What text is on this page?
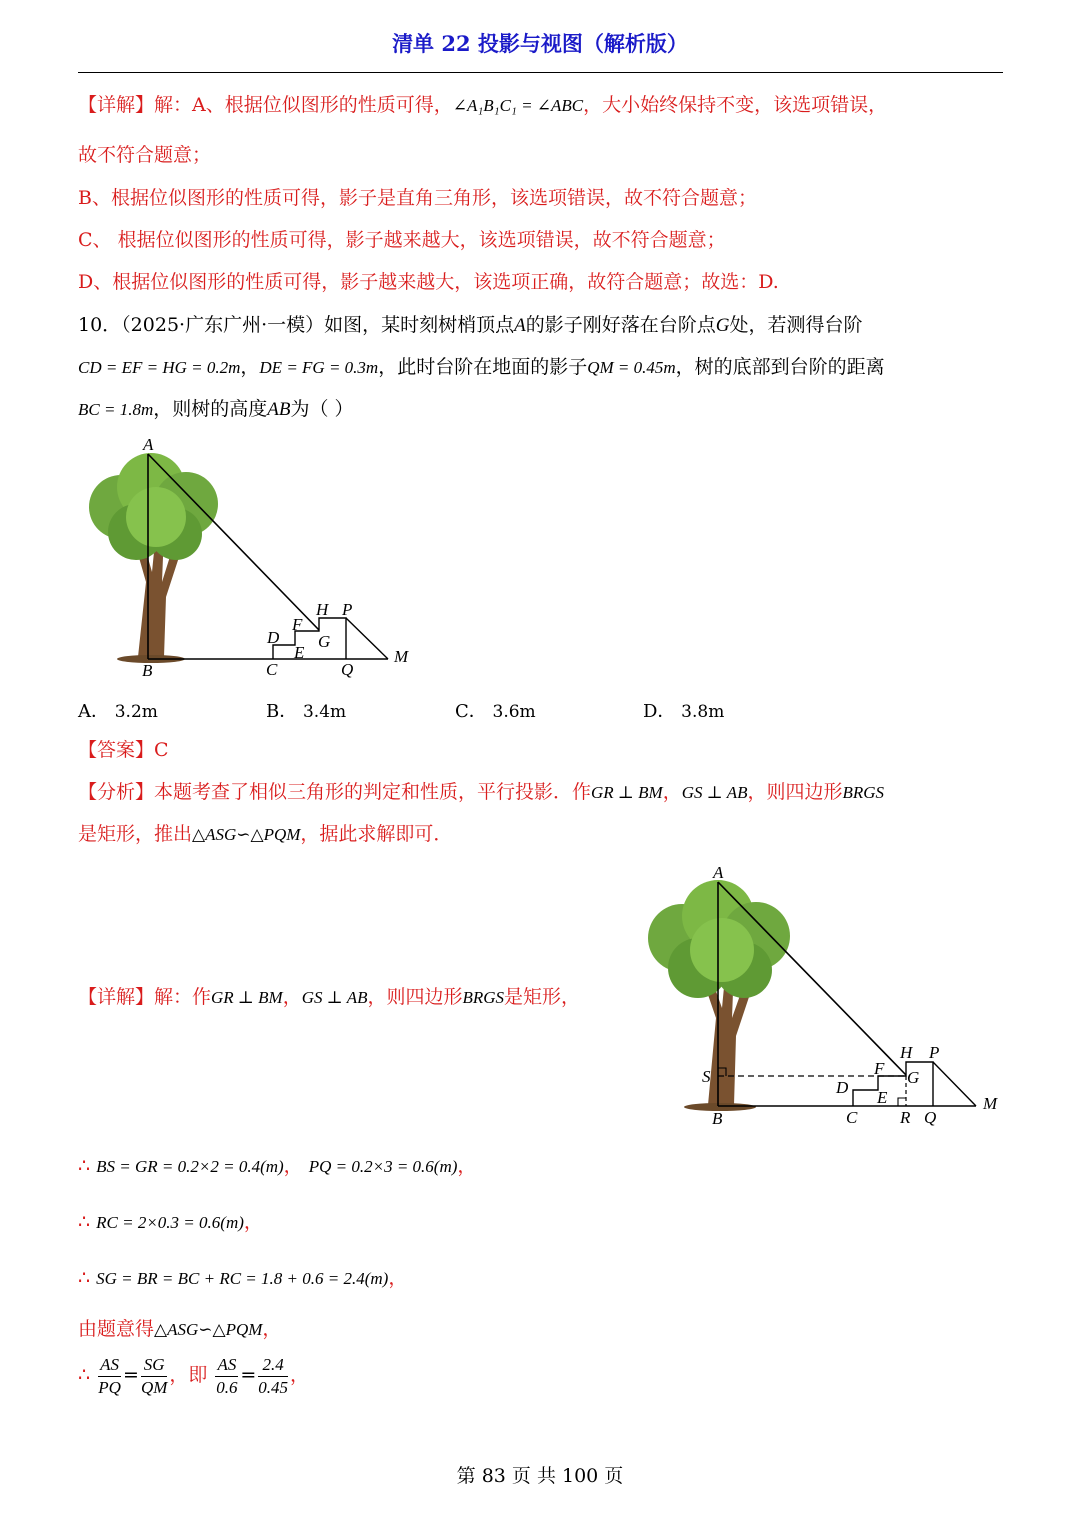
清单 22 投影与视图（解析版）
【详解】解：A、根据位似图形的性质可得，∠A₁B₁C₁ = ∠ABC，大小始终保持不变，该选项错误，
故不符合题意；
B、根据位似图形的性质可得，影子是直角三角形，该选项错误，故不符合题意；
C、 根据位似图形的性质可得，影子越来越大，该选项错误，故不符合题意；
D、根据位似图形的性质可得，影子越来越大，该选项正确，故符合题意；故选：D.
10．（2025·广东广州·一模）如图，某时刻树梢顶点A的影子刚好落在台阶点G处，若测得台阶
CD = EF = HG = 0.2m，DE = FG = 0.3m，此时台阶在地面的影子QM = 0.45m，树的底部到台阶的距离
BC = 1.8m，则树的高度AB为（ ）
A
B	C
D
E
F
G
H P
Q
M
A． 3.2m	B． 3.4m	C． 3.6m	D． 3.8m
【答案】C
【分析】本题考查了相似三角形的判定和性质，平行投影．作GR ⊥ BM，GS ⊥ AB，则四边形BRGS
是矩形，推出△ASG∽△PQM，据此求解即可．
【详解】解：作GR ⊥ BM，GS ⊥ AB，则四边形BRGS是矩形，
A
B
S
C
D
E
F G
H P
R Q
M
∴ BS = GR = 0.2×2 = 0.4(m)， PQ = 0.2×3 = 0.6(m)，
∴ RC = 2×0.3 = 0.6(m)，
∴ SG = BR = BC + RC = 1.8 + 0.6 = 2.4(m)，
由题意得△ASG∽△PQM，
∴ $\frac{AS}{PQ} = \frac{SG}{QM}$ ，即 $\frac{AS}{0.6} = \frac{2.4}{0.45}$ ，
第 83 页 共 100 页
